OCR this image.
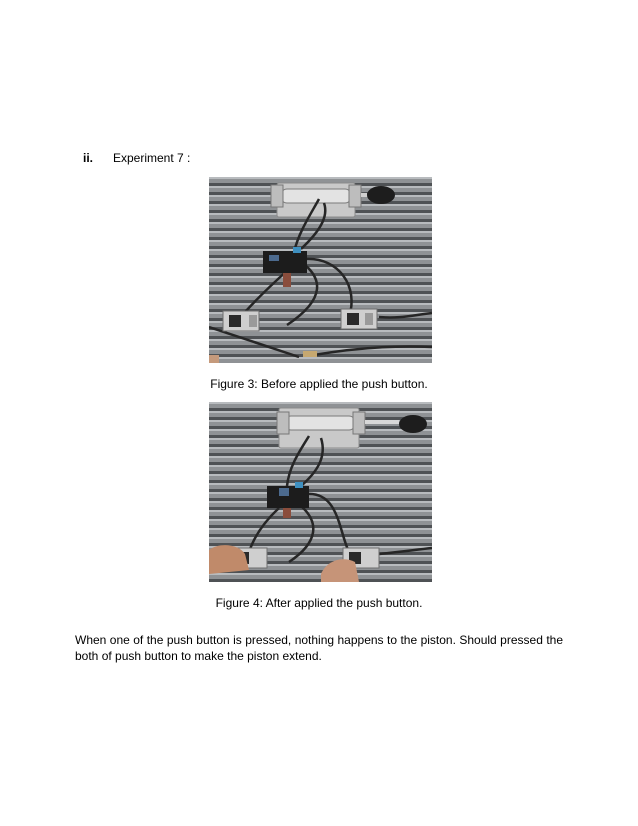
ii.	Experiment 7 :
Figure 3: Before applied the push button.
Figure 4: After applied the push button.

When one of the push button is pressed, nothing happens to the piston. Should pressed the both of push button to make the piston extend.
